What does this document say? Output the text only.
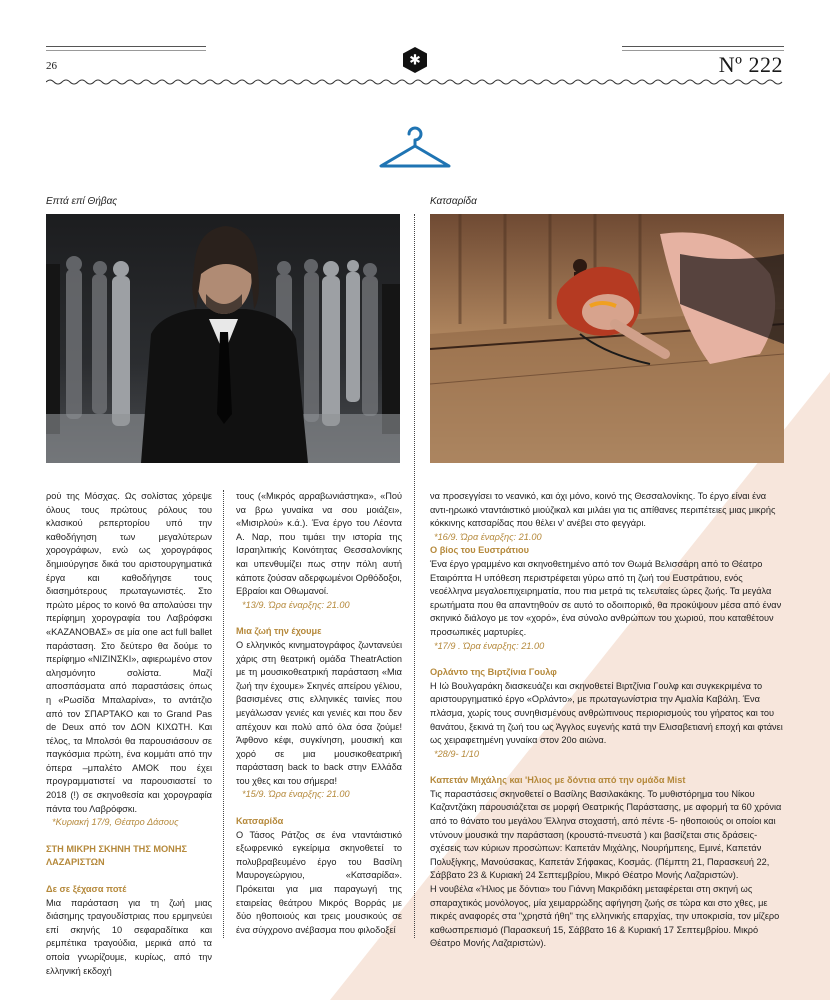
26	Nº 222
✱
Επτά επί Θήβας	Κατσαρίδα

ρού της Μόσχας. Ως σολίστας χόρεψε όλους τους πρώτους ρόλους του κλασικού ρεπερτορίου υπό την καθοδήγηση των μεγαλύτερων χορογράφων, ενώ ως χορογράφος δημιούργησε δικά του αριστουργηματικά έργα και καθοδήγησε τους διασημότερους πρωταγωνιστές. Στο πρώτο μέρος το κοινό θα απολαύσει την περίφημη χορογραφία του Λαβρόφσκι «ΚΑΖΑΝΟΒΑΣ» σε μία one act full ballet παράσταση. Στο δεύτερο θα δούμε το περίφημο «ΝΙΖΙΝΣΚΙ», αφιερωμένο στον αλησμόνητο σολίστα. Μαζί αποσπάσματα από παραστάσεις όπως η «Ρωσίδα Μπαλαρίνα», το αντάτζιο από τον ΣΠΑΡΤΑΚΟ και το Grand Pas de Deux από τον ΔΟΝ ΚΙΧΩΤΗ. Και τέλος, τα Μπολσόι θα παρουσιάσουν σε παγκόσμια πρώτη, ένα κομμάτι από την όπερα –μπαλέτο ΑΜΟΚ που έχει προγραμματιστεί να παρουσιαστεί το 2018 (!) σε σκηνοθεσία και χορογραφία πάντα του Λαβρόφσκι.

*Κυριακή 17/9, Θέατρο Δάσους

ΣΤΗ ΜΙΚΡΗ ΣΚΗΝΗ ΤΗΣ ΜΟΝΗΣ ΛΑΖΑΡΙΣΤΩΝ

Δε σε ξέχασα ποτέ

Μια παράσταση για τη ζωή μιας διάσημης τραγουδίστριας που ερμηνεύει επί σκηνής 10 σεφαραδίτικα και ρεμπέτικα τραγούδια, μερικά από τα οποία γνωρίζουμε, κυρίως, από την ελληνική εκδοχή

τους («Μικρός αρραβωνιάστηκα», «Πού να βρω γυναίκα να σου μοιάζει», «Μισιρλού» κ.ά.). Ένα έργο του Λέοντα Α. Ναρ, που τιμάει την ιστορία της Ισραηλιτικής Κοινότητας Θεσσαλονίκης και υπενθυμίζει πως στην πόλη αυτή κάποτε ζούσαν αδερφωμένοι Ορθόδοξοι, Εβραίοι και Οθωμανοί.

*13/9. Ώρα έναρξης: 21.00

Μια ζωή την έχουμε

Ο ελληνικός κινηματογράφος ζωντανεύει χάρις στη θεατρική ομάδα TheatrAction με τη μουσικοθεατρική παράσταση «Μια ζωή την έχουμε» Σκηνές απείρου γέλιου, βασισμένες στις ελληνικές ταινίες που μεγάλωσαν γενιές και γενιές και που δεν απέχουν και πολύ από όλα όσα ζούμε! Άφθονο κέφι, συγκίνηση, μουσική και χορό σε μια μουσικοθεατρική παράσταση back to back στην Ελλάδα του χθες και του σήμερα!

*15/9. Ώρα έναρξης: 21.00

Κατσαρίδα

Ο Τάσος Ράτζος σε ένα νταντάιστικό εξωφρενικό εγκείριμα σκηνοθετεί το πολυβραβευμένο έργο του Βασίλη Μαυρογεώργιου, «Κατσαρίδα». Πρόκειται για μια παραγωγή της εταιρείας θεάτρου Μικρός Βορράς με δύο ηθοποιούς και τρεις μουσικούς σε ένα σύγχρονο ανέβασμα που φιλοδοξεί

να προσεγγίσει το νεανικό, και όχι μόνο, κοινό της Θεσσαλονίκης. Το έργο είναι ένα αντι-ηρωικό νταντάιστικό μιούζικαλ και μιλάει για τις απίθανες περιπέτειες μιας μικρής κόκκινης κατσαρίδας που θέλει ν' ανέβει στο φεγγάρι.

*16/9. Ώρα έναρξης: 21.00

Ο βίος του Ευστράτιου

Ένα έργο γραμμένο και σκηνοθετημένο από τον Θωμά Βελισσάρη από το Θέατρο Εταιρόπτα Η υπόθεση περιστρέφεται γύρω από τη ζωή του Ευστράτιου, ενός νεοέλληνα μεγαλοεπιχειρηματία, που πια μετρά τις τελευταίες ώρες ζωής. Τα μεγάλα ερωτήματα που θα απαντηθούν σε αυτό το οδοιπορικό, θα προκύψουν μέσα από έναν σκηνικό διάλογο με τον «χορό», ένα σύνολο ανθρώπων του χωριού, που καταθέτουν προσωπικές μαρτυρίες.

*17/9 . Ώρα έναρξης: 21.00

Ορλάντο της Βιρτζίνια Γουλφ

Η Ιώ Βουλγαράκη διασκευάζει και σκηνοθετεί Βιρτζίνια Γουλφ και συγκεκριμένα το αριστουργηματικό έργο «Ορλάντο», με πρωταγωνίστρια την Αμαλία Καβάλη. Ένα πλάσμα, χωρίς τους συνηθισμένους ανθρώπινους περιορισμούς του γήρατος και του θανάτου, ξεκινά τη ζωή του ως Άγγλος ευγενής κατά την Ελισαβετιανή εποχή και φτάνει ως χειραφετημένη γυναίκα στον 20ο αιώνα.

*28/9- 1/10

Καπετάν Μιχάλης και 'Ηλιος με δόντια από την ομάδα Mist

Τις παραστάσεις σκηνοθετεί ο Βασίλης Βασιλακάκης. Το μυθιστόρημα του Νίκου Καζαντζάκη παρουσιάζεται σε μορφή Θεατρικής Παράστασης, με αφορμή τα 60 χρόνια από το θάνατο του μεγάλου Έλληνα στοχαστή, από πέντε -5- ηθοποιούς οι οποίοι και ντύνουν μουσικά την παράσταση (κρουστά-πνευστά ) και βασίζεται στις δράσεις-σχέσεις των κύριων προσώπων: Καπετάν Μιχάλης, Νουρήμπεης, Εμινέ, Καπετάν Πολυξίγκης, Μανούσακας, Καπετάν Σήφακας, Κοσμάς. (Πέμπτη 21, Παρασκευή 22, Σάββατο 23 & Κυριακή 24 Σεπτεμβρίου, Μικρό Θέατρο Μονής Λαζαριστών).

Η νουβέλα «Ήλιος με δόντια» του Γιάννη Μακριδάκη μεταφέρεται στη σκηνή ως σπαραχτικός μονόλογος, μία χειμαρρώδης αφήγηση ζωής σε τώρα και στο χθες, με πικρές αναφορές στα "χρηστά ήθη" της ελληνικής επαρχίας, την υποκρισία, τον μίζερο καθωσπρεπισμό (Παρασκευή 15, Σάββατο 16 & Κυριακή 17 Σεπτεμβρίου. Μικρό Θέατρο Μονής Λαζαριστών).
